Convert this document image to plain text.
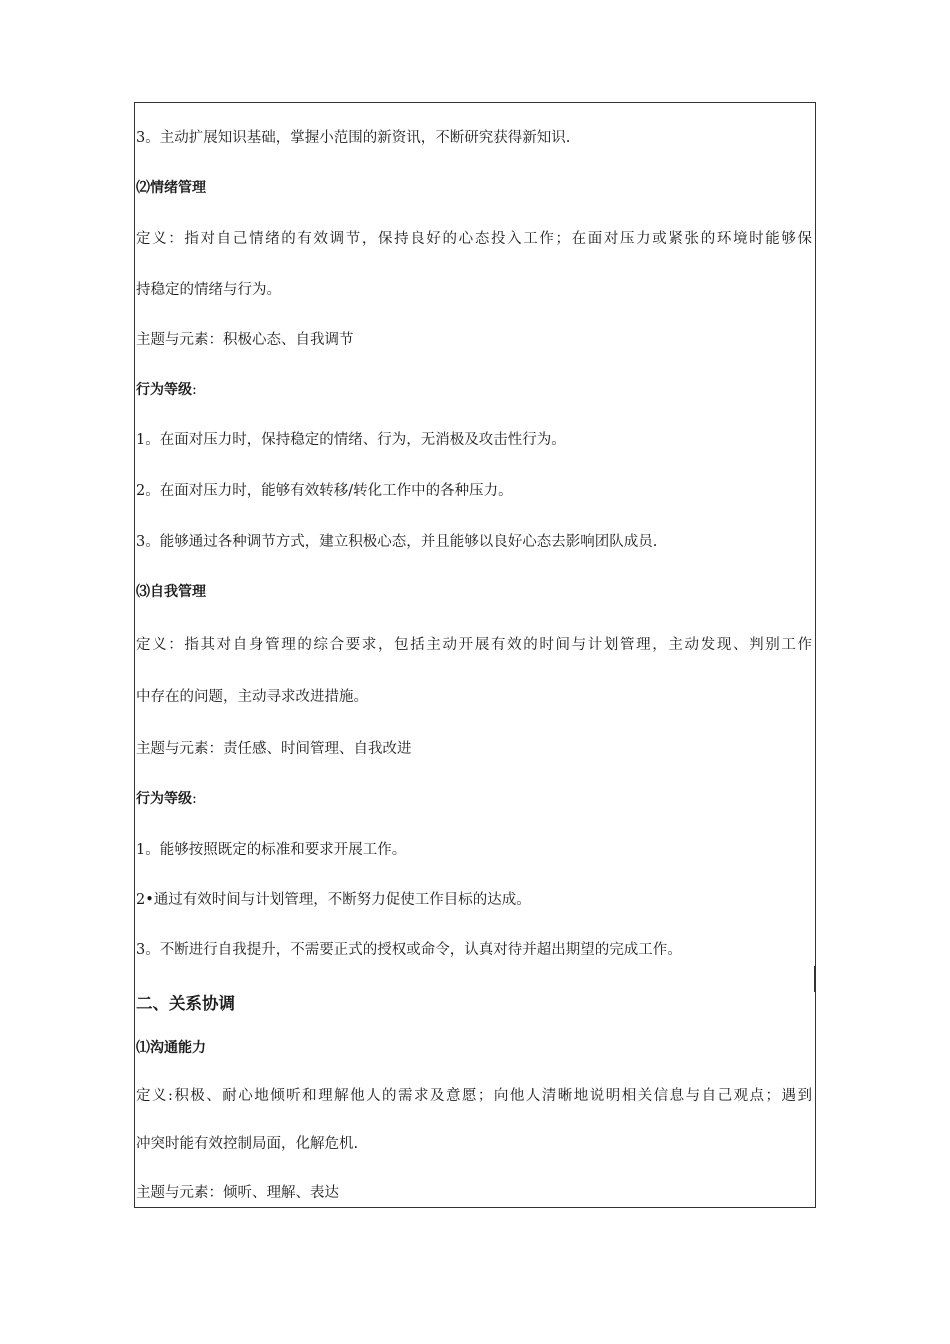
3。主动扩展知识基础，掌握小范围的新资讯，不断研究获得新知识.
⑵情绪管理
定义：指对自己情绪的有效调节，保持良好的心态投入工作；在面对压力或紧张的环境时能够保
持稳定的情绪与行为。
主题与元素：积极心态、自我调节
行为等级:
1。在面对压力时，保持稳定的情绪、行为，无消极及攻击性行为。
2。在面对压力时，能够有效转移/转化工作中的各种压力。
3。能够通过各种调节方式，建立积极心态，并且能够以良好心态去影响团队成员.
⑶自我管理
定义：指其对自身管理的综合要求，包括主动开展有效的时间与计划管理，主动发现、判别工作
中存在的问题，主动寻求改进措施。
主题与元素：责任感、时间管理、自我改进
行为等级:
1。能够按照既定的标准和要求开展工作。
2•通过有效时间与计划管理，不断努力促使工作目标的达成。
3。不断进行自我提升，不需要正式的授权或命令，认真对待并超出期望的完成工作。
二、关系协调
⑴沟通能力
定义:积极、耐心地倾听和理解他人的需求及意愿；向他人清晰地说明相关信息与自己观点；遇到
冲突时能有效控制局面，化解危机.
主题与元素：倾听、理解、表达
